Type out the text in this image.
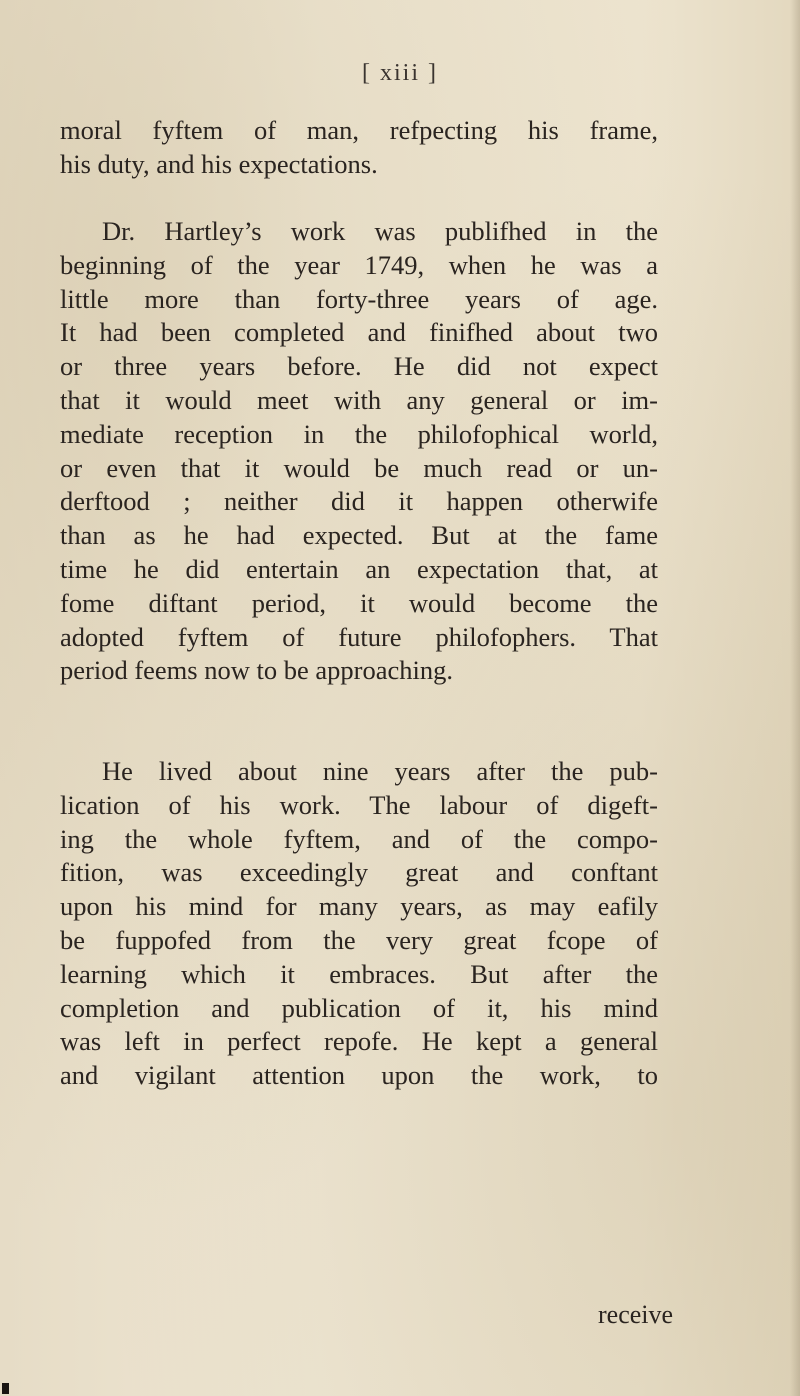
[ xiii ]
moral fyftem of man, refpecting his frame,
his duty, and his expectations.
Dr. Hartley’s work was publifhed in the
beginning of the year 1749, when he was a
little more than forty-three years of age.
It had been completed and finifhed about two
or three years before. He did not expect
that it would meet with any general or im-
mediate reception in the philofophical world,
or even that it would be much read or un-
derftood ; neither did it happen otherwife
than as he had expected. But at the fame
time he did entertain an expectation that, at
fome diftant period, it would become the
adopted fyftem of future philofophers. That
period feems now to be approaching.
He lived about nine years after the pub-
lication of his work. The labour of digeft-
ing the whole fyftem, and of the compo-
fition, was exceedingly great and conftant
upon his mind for many years, as may eafily
be fuppofed from the very great fcope of
learning which it embraces. But after the
completion and publication of it, his mind
was left in perfect repofe. He kept a general
and vigilant attention upon the work, to
receive
